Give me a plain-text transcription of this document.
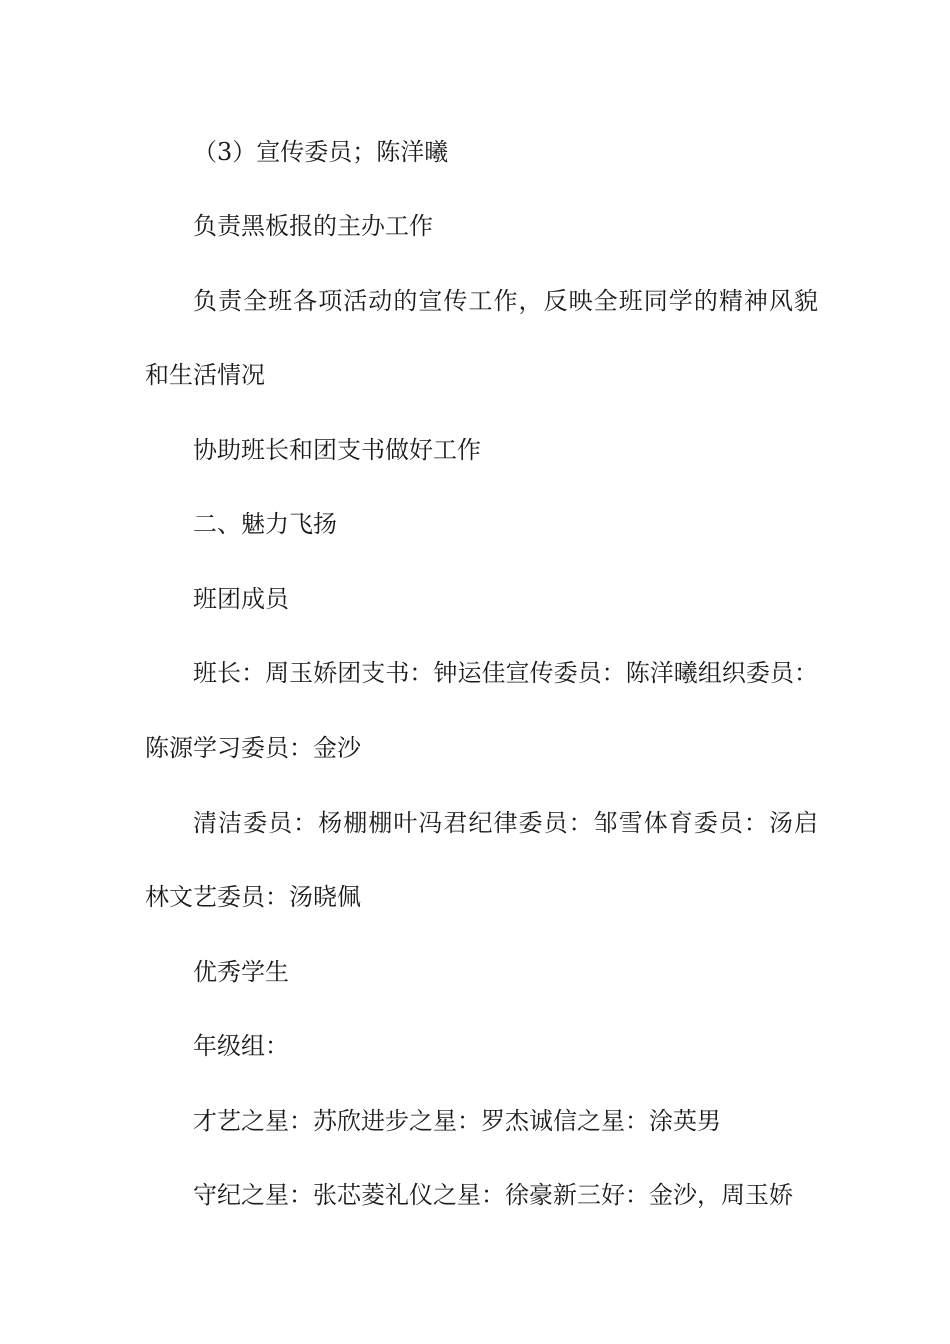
（3）宣传委员；陈洋曦

负责黑板报的主办工作

负责全班各项活动的宣传工作，反映全班同学的精神风貌

和生活情况

协助班长和团支书做好工作

二、魅力飞扬

班团成员

班长：周玉娇团支书：钟运佳宣传委员：陈洋曦组织委员：

陈源学习委员：金沙

清洁委员：杨棚棚叶冯君纪律委员：邹雪体育委员：汤启

林文艺委员：汤晓佩

优秀学生

年级组：

才艺之星：苏欣进步之星：罗杰诚信之星：涂英男

守纪之星：张芯菱礼仪之星：徐豪新三好：金沙，周玉娇
